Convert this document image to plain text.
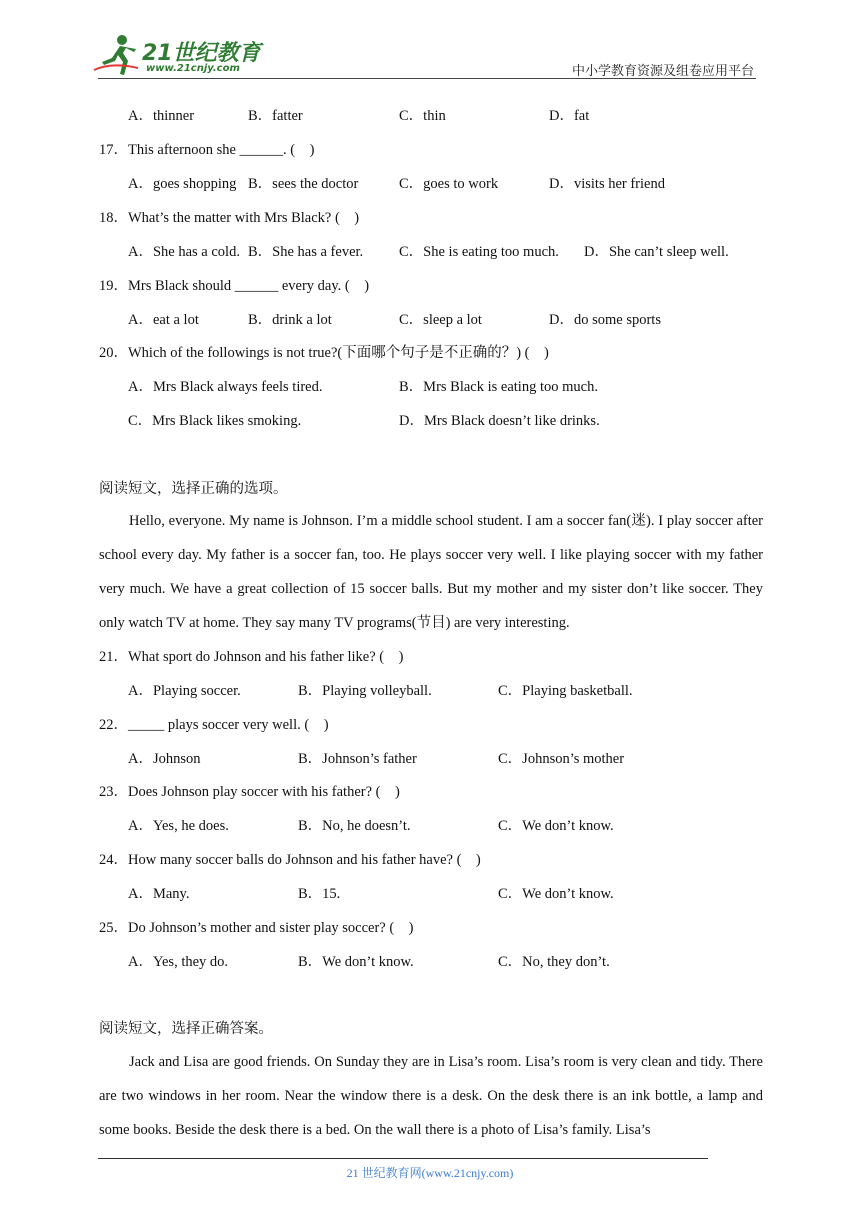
21世纪教育
www.21cnjy.com	中小学教育资源及组卷应用平台
A．thinner	B．fatter	C．thin	D．fat
17．This afternoon she ______. (　)
A．goes shopping B．sees the doctor	C．goes to work	D．visits her friend
18．What’s the matter with Mrs Black? (　)
A．She has a cold. B．She has a fever. C．She is eating too much. D．She can’t sleep well.
19．Mrs Black should ______ every day. (　)
A．eat a lot	B．drink a lot	C．sleep a lot	D．do some sports
20．Which of the followings is not true?(下面哪个句子是不正确的？) (　)
A．Mrs Black always feels tired.	B．Mrs Black is eating too much.
C．Mrs Black likes smoking.	D．Mrs Black doesn’t like drinks.
阅读短文，选择正确的选项。
Hello, everyone. My name is Johnson. I’m a middle school student. I am a soccer fan(迷). I play soccer after school every day. My father is a soccer fan, too. He plays soccer very well. I like playing soccer with my father very much. We have a great collection of 15 soccer balls. But my mother and my sister don’t like soccer. They only watch TV at home. They say many TV programs(节目) are very interesting.
21．What sport do Johnson and his father like? (　)
A．Playing soccer.	B．Playing volleyball.	C．Playing basketball.
22．_____ plays soccer very well. (　)
A．Johnson	B．Johnson’s father	C．Johnson’s mother
23．Does Johnson play soccer with his father? (　)
A．Yes, he does.	B．No, he doesn’t.	C．We don’t know.
24．How many soccer balls do Johnson and his father have? (　)
A．Many.	B．15.	C．We don’t know.
25．Do Johnson’s mother and sister play soccer? (　)
A．Yes, they do.	B．We don’t know.	C．No, they don’t.
阅读短文，选择正确答案。
Jack and Lisa are good friends. On Sunday they are in Lisa’s room. Lisa’s room is very clean and tidy. There are two windows in her room. Near the window there is a desk. On the desk there is an ink bottle, a lamp and some books. Beside the desk there is a bed. On the wall there is a photo of Lisa’s family. Lisa’s
21 世纪教育网(www.21cnjy.com)
